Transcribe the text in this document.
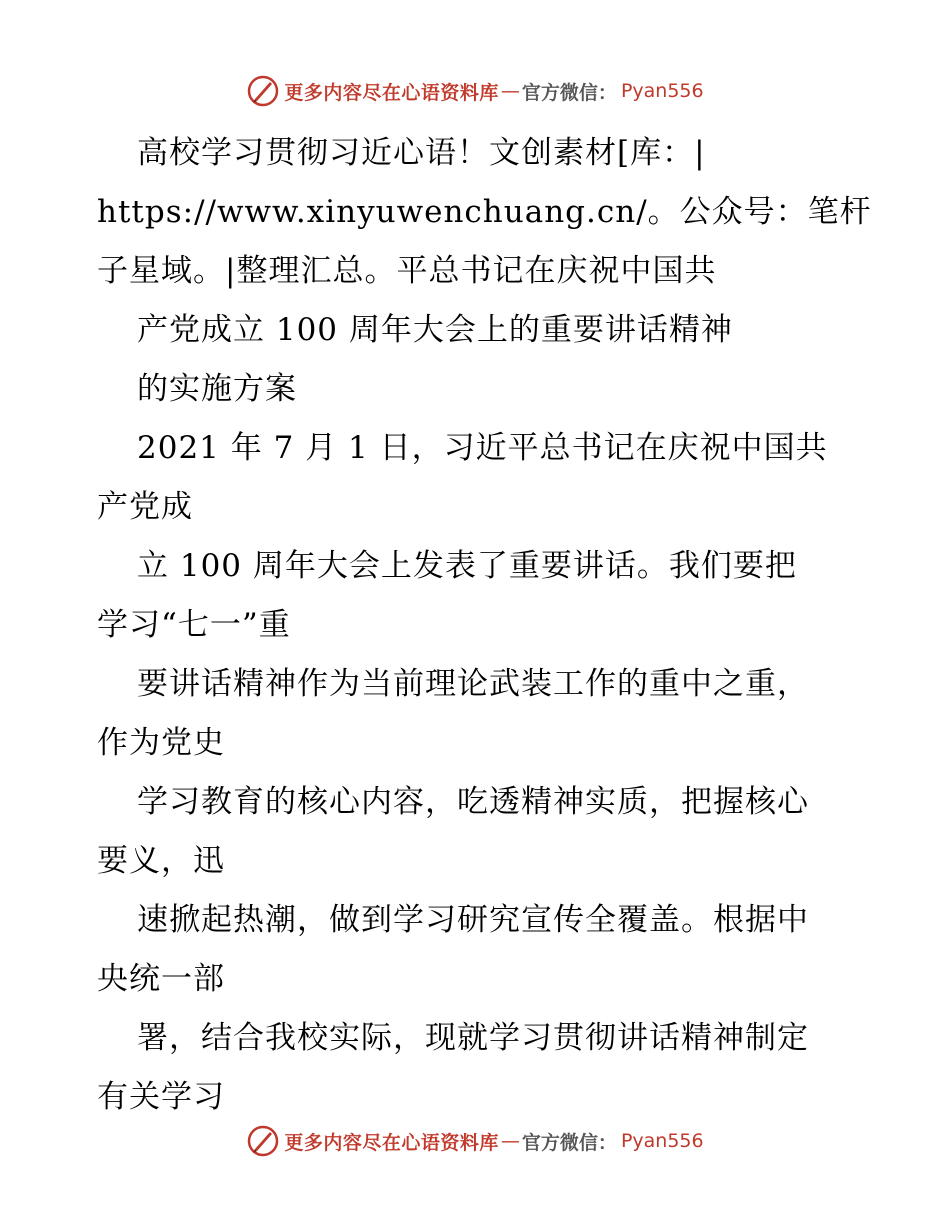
更多内容尽在心语资料库 — 官方微信： Pyan556
高校学习贯彻习近心语！文创素材[库：|
https://www.xinyuwenchuang.cn/。公众号：笔杆
子星域。|整理汇总。平总书记在庆祝中国共
产党成立 100 周年大会上的重要讲话精神
的实施方案
2021 年 7 月 1 日，习近平总书记在庆祝中国共
产党成
立 100 周年大会上发表了重要讲话。我们要把
学习“七一”重
要讲话精神作为当前理论武装工作的重中之重，
作为党史
学习教育的核心内容，吃透精神实质，把握核心
要义，迅
速掀起热潮，做到学习研究宣传全覆盖。根据中
央统一部
署，结合我校实际，现就学习贯彻讲话精神制定
有关学习
更多内容尽在心语资料库 — 官方微信： Pyan556
